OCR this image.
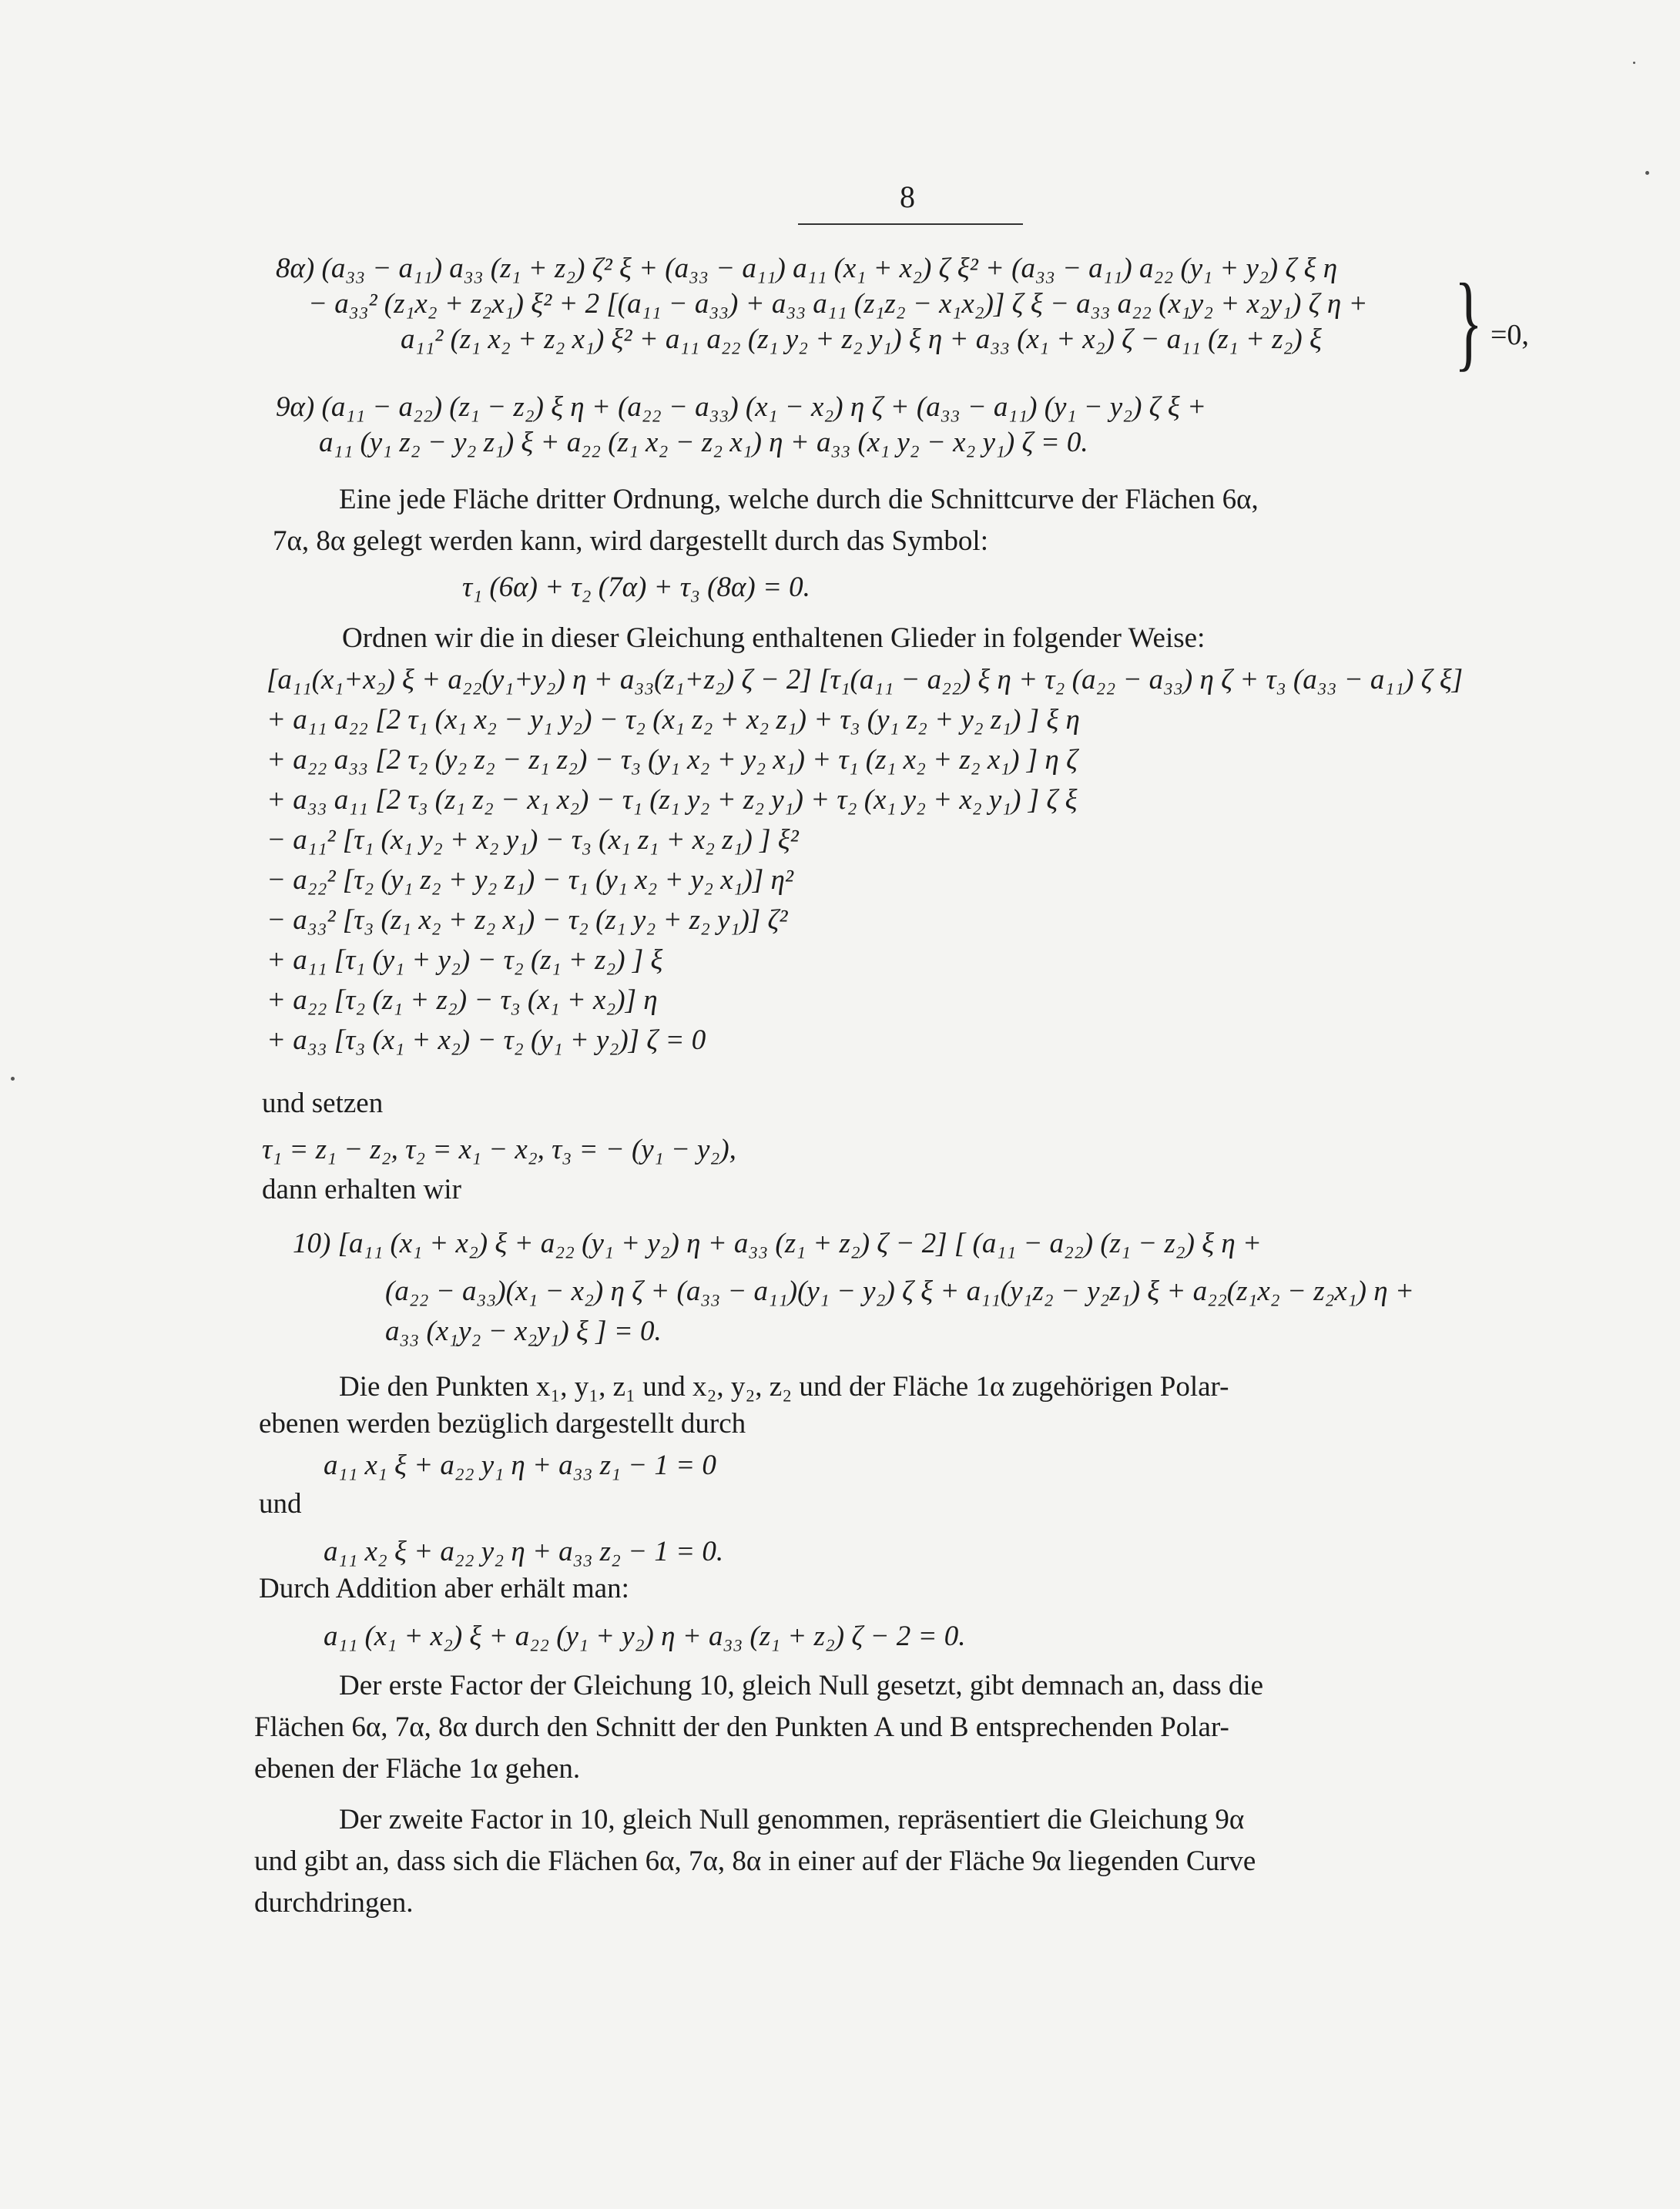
8
8α) (a₃₃ − a₁₁) a₃₃ (z₁ + z₂) ζ² ξ + (a₃₃ − a₁₁) a₁₁ (x₁ + x₂) ζ ξ² + (a₃₃ − a₁₁) a₂₂ (y₁ + y₂) ζ ξ η
− a₃₃² (z₁x₂ + z₂x₁) ξ² + 2 [(a₁₁ − a₃₃) + a₃₃ a₁₁ (z₁z₂ − x₁x₂)] ζ ξ − a₃₃ a₂₂ (x₁y₂ + x₂y₁) ζ η +
a₁₁² (z₁ x₂ + z₂ x₁) ξ² + a₁₁ a₂₂ (z₁ y₂ + z₂ y₁) ξ η + a₃₃ (x₁ + x₂) ζ − a₁₁ (z₁ + z₂) ξ } =0,
9α) (a₁₁ − a₂₂) (z₁ − z₂) ξ η + (a₂₂ − a₃₃) (x₁ − x₂) η ζ + (a₃₃ − a₁₁) (y₁ − y₂) ζ ξ +
a₁₁ (y₁ z₂ − y₂ z₁) ξ + a₂₂ (z₁ x₂ − z₂ x₁) η + a₃₃ (x₁ y₂ − x₂ y₁) ζ = 0.
Eine jede Fläche dritter Ordnung, welche durch die Schnittcurve der Flächen 6α,
7α, 8α gelegt werden kann, wird dargestellt durch das Symbol:
τ₁ (6α) + τ₂ (7α) + τ₃ (8α) = 0.
Ordnen wir die in dieser Gleichung enthaltenen Glieder in folgender Weise:
[a₁₁(x₁+x₂) ξ + a₂₂(y₁+y₂) η + a₃₃(z₁+z₂) ζ − 2] [τ₁(a₁₁ − a₂₂) ξ η + τ₂ (a₂₂ − a₃₃) η ζ + τ₃ (a₃₃ − a₁₁) ζ ξ]
+ a₁₁ a₂₂ [2 τ₁ (x₁ x₂ − y₁ y₂) − τ₂ (x₁ z₂ + x₂ z₁) + τ₃ (y₁ z₂ + y₂ z₁) ] ξ η
+ a₂₂ a₃₃ [2 τ₂ (y₂ z₂ − z₁ z₂) − τ₃ (y₁ x₂ + y₂ x₁) + τ₁ (z₁ x₂ + z₂ x₁) ] η ζ
+ a₃₃ a₁₁ [2 τ₃ (z₁ z₂ − x₁ x₂) − τ₁ (z₁ y₂ + z₂ y₁) + τ₂ (x₁ y₂ + x₂ y₁) ] ζ ξ
− a₁₁² [τ₁ (x₁ y₂ + x₂ y₁) − τ₃ (x₁ z₁ + x₂ z₁) ] ξ²
− a₂₂² [τ₂ (y₁ z₂ + y₂ z₁) − τ₁ (y₁ x₂ + y₂ x₁)] η²
− a₃₃² [τ₃ (z₁ x₂ + z₂ x₁) − τ₂ (z₁ y₂ + z₂ y₁)] ζ²
+ a₁₁ [τ₁ (y₁ + y₂) − τ₂ (z₁ + z₂) ] ξ
+ a₂₂ [τ₂ (z₁ + z₂) − τ₃ (x₁ + x₂)] η
+ a₃₃ [τ₃ (x₁ + x₂) − τ₂ (y₁ + y₂)] ζ = 0
und setzen
τ₁ = z₁ − z₂, τ₂ = x₁ − x₂, τ₃ = − (y₁ − y₂),
dann erhalten wir
10) [a₁₁ (x₁ + x₂) ξ + a₂₂ (y₁ + y₂) η + a₃₃ (z₁ + z₂) ζ − 2] [ (a₁₁ − a₂₂) (z₁ − z₂) ξ η +
(a₂₂ − a₃₃)(x₁ − x₂) η ζ + (a₃₃ − a₁₁)(y₁ − y₂) ζ ξ + a₁₁(y₁z₂ − y₂z₁) ξ + a₂₂(z₁x₂ − z₂x₁) η +
a₃₃ (x₁y₂ − x₂y₁) ξ ] = 0.
Die den Punkten x₁, y₁, z₁ und x₂, y₂, z₂ und der Fläche 1α zugehörigen Polar-
ebenen werden bezüglich dargestellt durch
a₁₁ x₁ ξ + a₂₂ y₁ η + a₃₃ z₁ − 1 = 0
und
a₁₁ x₂ ξ + a₂₂ y₂ η + a₃₃ z₂ − 1 = 0.
Durch Addition aber erhält man:
a₁₁ (x₁ + x₂) ξ + a₂₂ (y₁ + y₂) η + a₃₃ (z₁ + z₂) ζ − 2 = 0.
Der erste Factor der Gleichung 10, gleich Null gesetzt, gibt demnach an, dass die
Flächen 6α, 7α, 8α durch den Schnitt der den Punkten A und B entsprechenden Polar-
ebenen der Fläche 1α gehen.
Der zweite Factor in 10, gleich Null genommen, repräsentiert die Gleichung 9α
und gibt an, dass sich die Flächen 6α, 7α, 8α in einer auf der Fläche 9α liegenden Curve
durchdringen.
